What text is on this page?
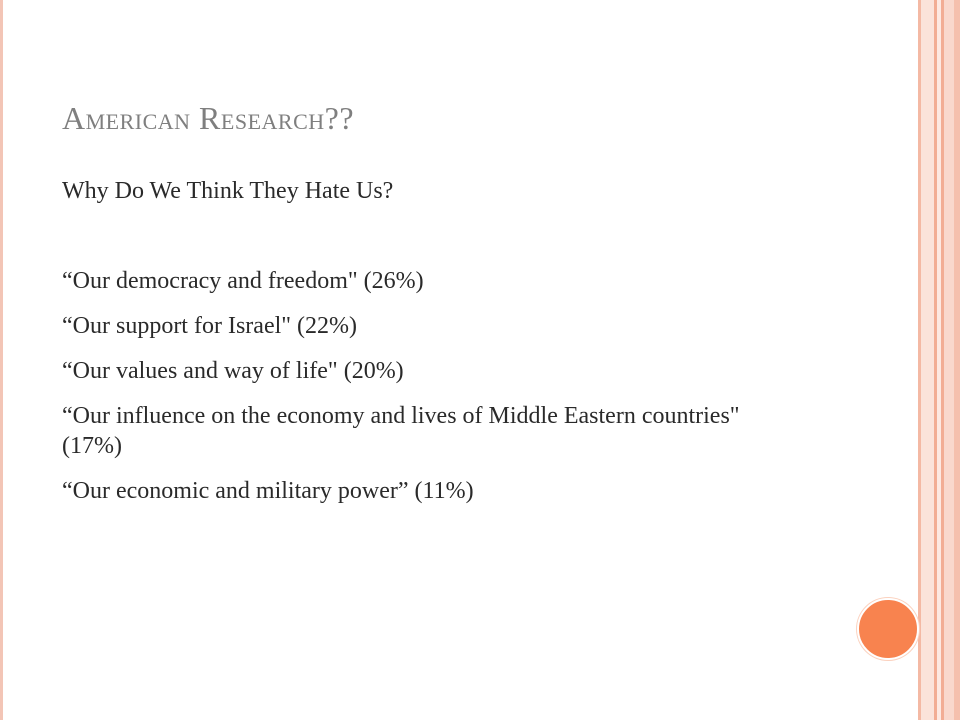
American Research??

Why Do We Think They Hate Us?

“Our democracy and freedom" (26%)

“Our support for Israel" (22%)

“Our values and way of life" (20%)

“Our influence on the economy and lives of Middle Eastern countries" (17%)

“Our economic and military power” (11%)
